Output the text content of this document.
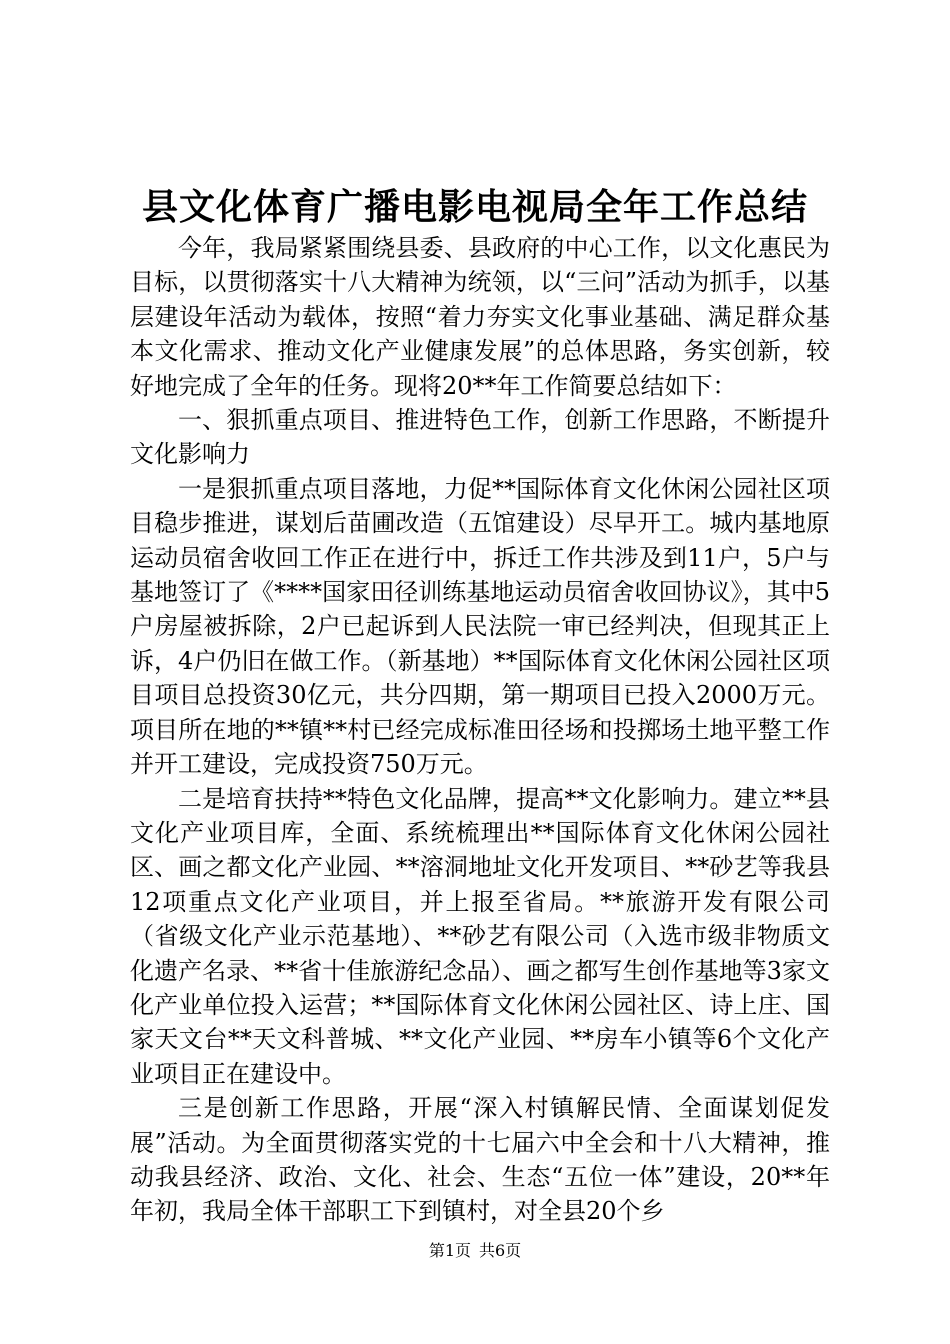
县文化体育广播电影电视局全年工作总结

今年，我局紧紧围绕县委、县政府的中心工作，以文化惠民为目标，以贯彻落实十八大精神为统领，以“三问”活动为抓手，以基层建设年活动为载体，按照“着力夯实文化事业基础、满足群众基本文化需求、推动文化产业健康发展”的总体思路，务实创新，较好地完成了全年的任务。现将20**年工作简要总结如下：

一、狠抓重点项目、推进特色工作，创新工作思路，不断提升文化影响力

一是狠抓重点项目落地，力促**国际体育文化休闲公园社区项目稳步推进，谋划后苗圃改造（五馆建设）尽早开工。城内基地原运动员宿舍收回工作正在进行中，拆迁工作共涉及到11户，5户与基地签订了《****国家田径训练基地运动员宿舍收回协议》，其中5户房屋被拆除，2户已起诉到人民法院一审已经判决，但现其正上诉，4户仍旧在做工作。（新基地）**国际体育文化休闲公园社区项目项目总投资30亿元，共分四期，第一期项目已投入2000万元。项目所在地的**镇**村已经完成标准田径场和投掷场土地平整工作并开工建设，完成投资750万元。

二是培育扶持**特色文化品牌，提高**文化影响力。建立**县文化产业项目库，全面、系统梳理出**国际体育文化休闲公园社区、画之都文化产业园、**溶洞地址文化开发项目、**砂艺等我县12项重点文化产业项目，并上报至省局。**旅游开发有限公司（省级文化产业示范基地）、**砂艺有限公司（入选市级非物质文化遗产名录、**省十佳旅游纪念品）、画之都写生创作基地等3家文化产业单位投入运营；**国际体育文化休闲公园社区、诗上庄、国家天文台**天文科普城、**文化产业园、**房车小镇等6个文化产业项目正在建设中。

三是创新工作思路，开展“深入村镇解民情、全面谋划促发展”活动。为全面贯彻落实党的十七届六中全会和十八大精神，推动我县经济、政治、文化、社会、生态“五位一体”建设，20**年年初，我局全体干部职工下到镇村，对全县20个乡

第1页 共6页
